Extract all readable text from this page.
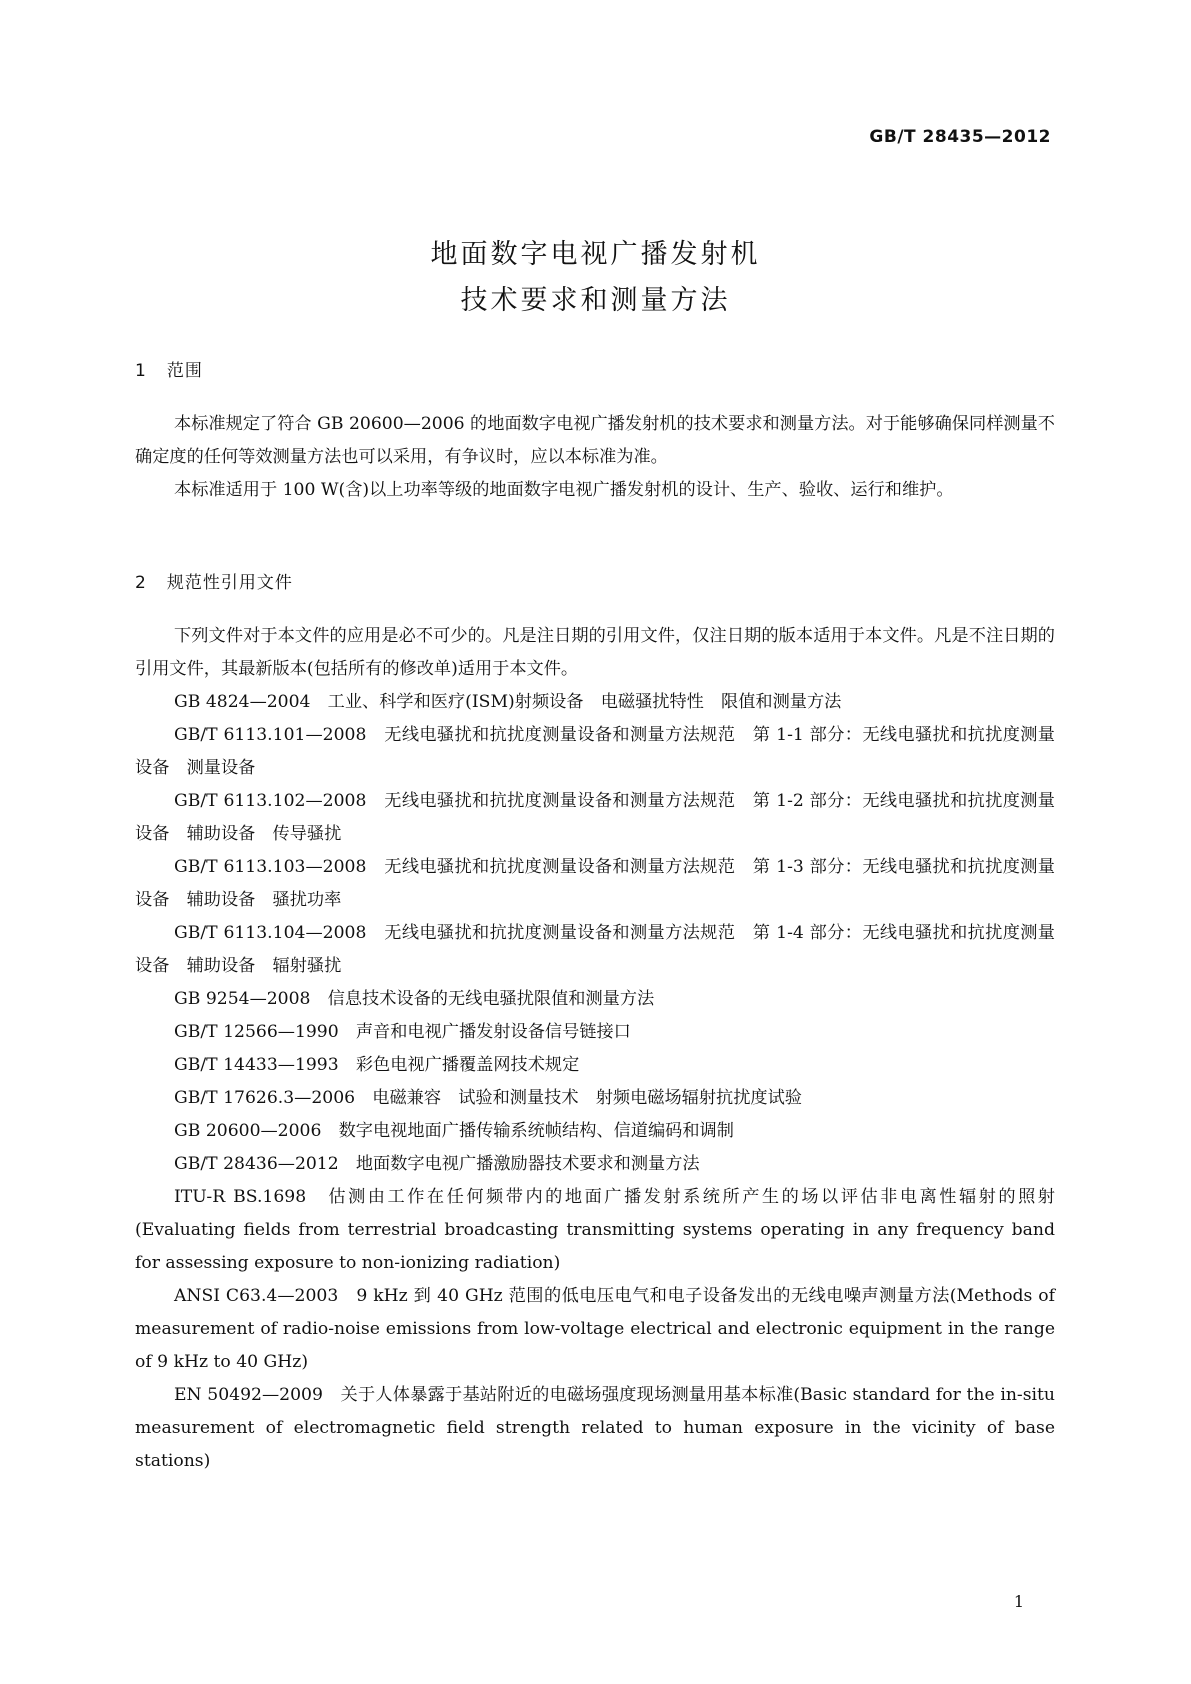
GB/T 28435—2012
地面数字电视广播发射机
技术要求和测量方法
1 范围

本标准规定了符合 GB 20600—2006 的地面数字电视广播发射机的技术要求和测量方法。对于能够确保同样测量不确定度的任何等效测量方法也可以采用，有争议时，应以本标准为准。

本标准适用于 100 W(含)以上功率等级的地面数字电视广播发射机的设计、生产、验收、运行和维护。

2 规范性引用文件

下列文件对于本文件的应用是必不可少的。凡是注日期的引用文件，仅注日期的版本适用于本文件。凡是不注日期的引用文件，其最新版本(包括所有的修改单)适用于本文件。

GB 4824—2004　工业、科学和医疗(ISM)射频设备　电磁骚扰特性　限值和测量方法

GB/T 6113.101—2008　无线电骚扰和抗扰度测量设备和测量方法规范　第 1-1 部分：无线电骚扰和抗扰度测量设备　测量设备

GB/T 6113.102—2008　无线电骚扰和抗扰度测量设备和测量方法规范　第 1-2 部分：无线电骚扰和抗扰度测量设备　辅助设备　传导骚扰

GB/T 6113.103—2008　无线电骚扰和抗扰度测量设备和测量方法规范　第 1-3 部分：无线电骚扰和抗扰度测量设备　辅助设备　骚扰功率

GB/T 6113.104—2008　无线电骚扰和抗扰度测量设备和测量方法规范　第 1-4 部分：无线电骚扰和抗扰度测量设备　辅助设备　辐射骚扰

GB 9254—2008　信息技术设备的无线电骚扰限值和测量方法

GB/T 12566—1990　声音和电视广播发射设备信号链接口

GB/T 14433—1993　彩色电视广播覆盖网技术规定

GB/T 17626.3—2006　电磁兼容　试验和测量技术　射频电磁场辐射抗扰度试验

GB 20600—2006　数字电视地面广播传输系统帧结构、信道编码和调制

GB/T 28436—2012　地面数字电视广播激励器技术要求和测量方法

ITU-R BS.1698　估测由工作在任何频带内的地面广播发射系统所产生的场以评估非电离性辐射的照射(Evaluating fields from terrestrial broadcasting transmitting systems operating in any frequency band for assessing exposure to non-ionizing radiation)

ANSI C63.4—2003　9 kHz 到 40 GHz 范围的低电压电气和电子设备发出的无线电噪声测量方法(Methods of measurement of radio-noise emissions from low-voltage electrical and electronic equipment in the range of 9 kHz to 40 GHz)

EN 50492—2009　关于人体暴露于基站附近的电磁场强度现场测量用基本标准(Basic standard for the in-situ measurement of electromagnetic field strength related to human exposure in the vicinity of base stations)

1
